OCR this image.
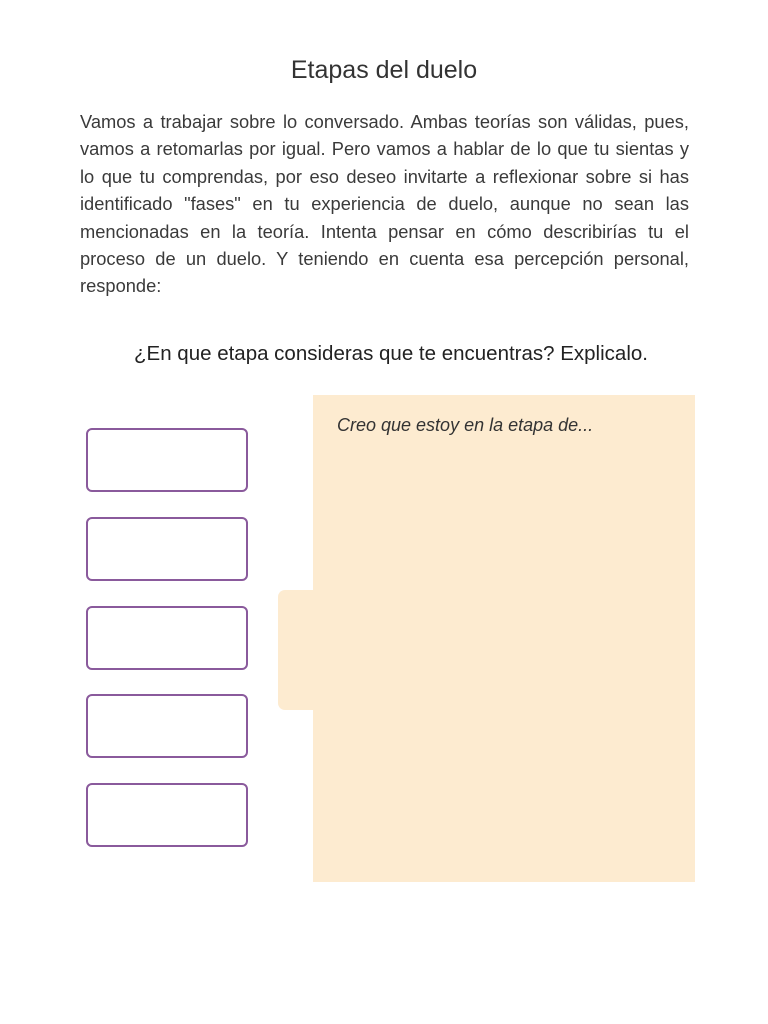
Etapas del duelo
Vamos a trabajar sobre lo conversado. Ambas teorías son válidas, pues, vamos a retomarlas por igual. Pero vamos a hablar de lo que tu sientas y lo que tu comprendas, por eso deseo invitarte a reflexionar sobre si has identificado "fases" en tu experiencia de duelo, aunque no sean las mencionadas en la teoría. Intenta pensar en cómo describirías tu el proceso de un duelo. Y teniendo en cuenta esa percepción personal, responde:
¿En que etapa consideras que te encuentras? Explicalo.
Creo que estoy en la etapa de...
